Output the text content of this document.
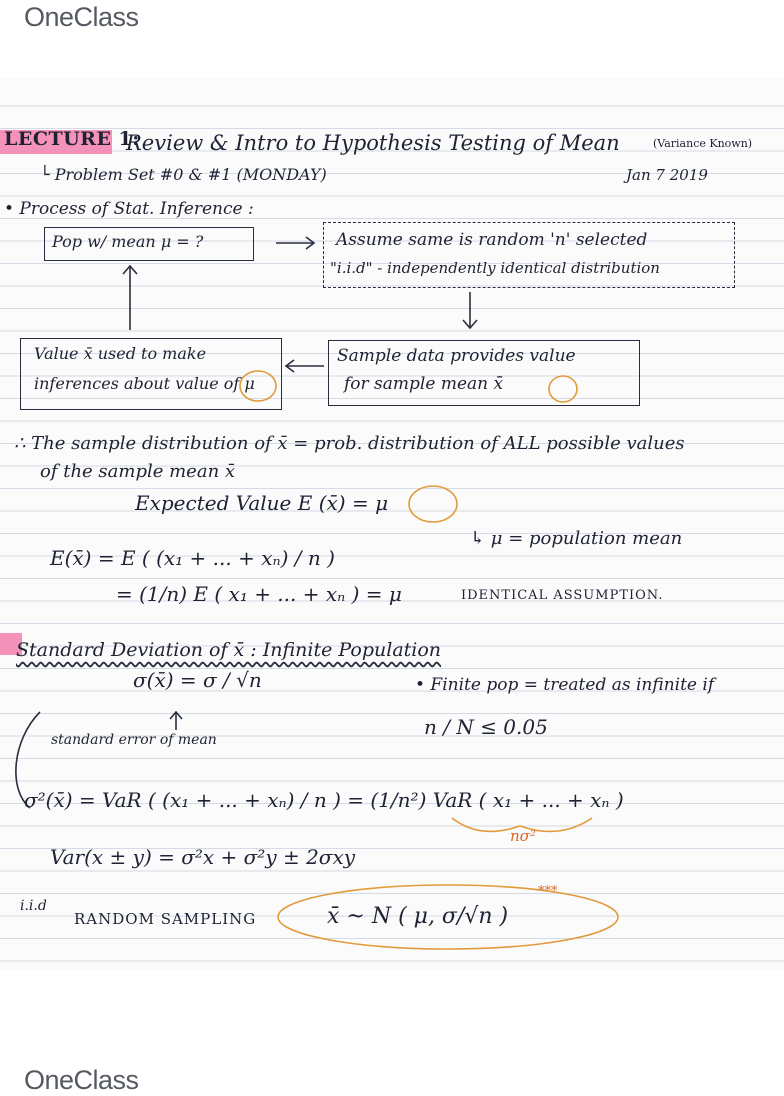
OneClass
LECTURE 1:
Review & Intro to Hypothesis Testing of Mean	(Variance Known)
└ Problem Set #0 & #1 (MONDAY)	Jan 7 2019
• Process of Stat. Inference :
Pop w/ mean μ = ?	Assume same is random 'n' selected
"i.i.d" - independently identical distribution
Value x̄ used to make
inferences about value of μ
Sample data provides value
for sample mean x̄
∴ The sample distribution of x̄ = prob. distribution of ALL possible values
of the sample mean x̄
Expected Value E (x̄) = μ
↳ μ = population mean
E(x̄) = E ( (x₁ + ... + xₙ) / n )
= (1/n) E ( x₁ + ... + xₙ ) = μ	IDENTICAL ASSUMPTION.
Standard Deviation of x̄ : Infinite Population
σ(x̄) = σ / √n	• Finite pop = treated as infinite if
n / N ≤ 0.05
standard error of mean
σ²(x̄) = VaR ( (x₁ + ... + xₙ) / n ) = (1/n²) VaR ( x₁ + ... + xₙ )
nσ²
Var(x ± y) = σ²x + σ²y ± 2σxy
i.i.d
RANDOM SAMPLING	x̄ ~ N ( μ, σ/√n )
***
OneClass
